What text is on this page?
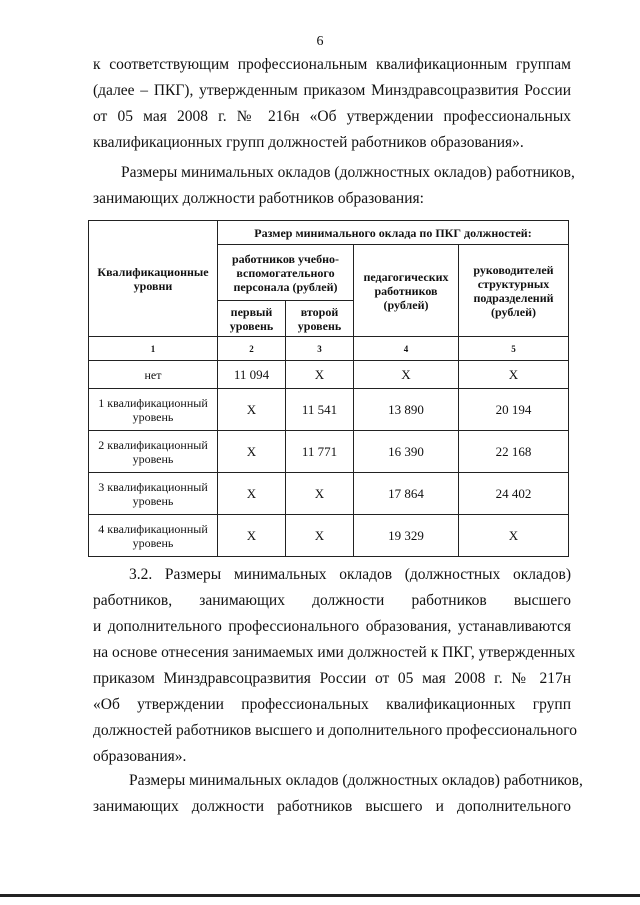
6

к соответствующим профессиональным квалификационным группам
(далее – ПКГ), утвержденным приказом Минздравсоцразвития России
от 05 мая 2008 г. № 216н «Об утверждении профессиональных
квалификационных групп должностей работников образования».

Размеры минимальных окладов (должностных окладов) работников,
занимающих должности работников образования:

Квалификационные уровни	Размер минимального оклада по ПКГ должностей:			
	работников учебно-вспомогательного персонала (рублей)		педагогических работников (рублей)	руководителей структурных подразделений (рублей)
	первый уровень	второй уровень		
1	2	3	4	5
нет	11 094	X	X	X
1 квалификационный уровень	X	11 541	13 890	20 194
2 квалификационный уровень	X	11 771	16 390	22 168
3 квалификационный уровень	X	X	17 864	24 402
4 квалификационный уровень	X	X	19 329	X

3.2. Размеры минимальных окладов (должностных окладов)
работников, занимающих должности работников высшего
и дополнительного профессионального образования, устанавливаются
на основе отнесения занимаемых ими должностей к ПКГ, утвержденных
приказом Минздравсоцразвития России от 05 мая 2008 г. № 217н
«Об утверждении профессиональных квалификационных групп
должностей работников высшего и дополнительного профессионального
образования».

Размеры минимальных окладов (должностных окладов) работников,
занимающих должности работников высшего и дополнительного
